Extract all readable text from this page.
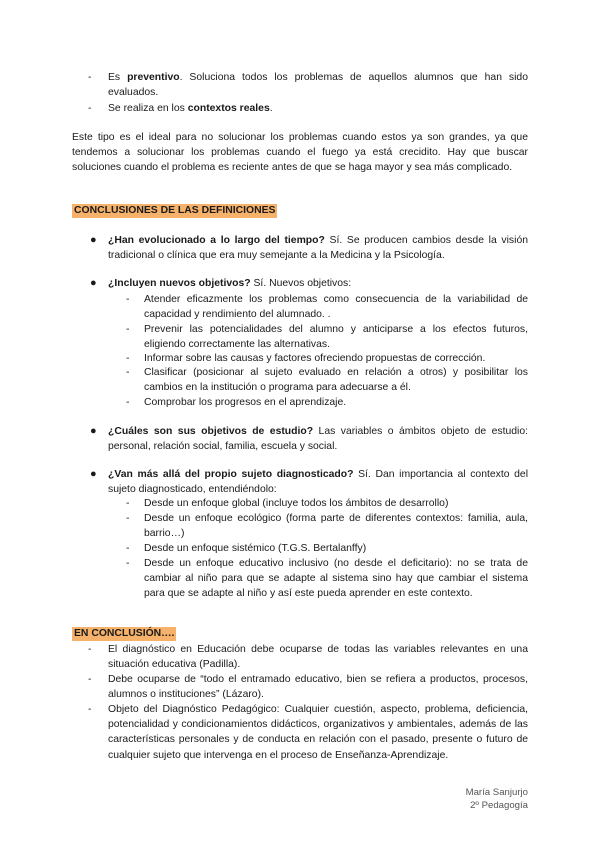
- Es preventivo. Soluciona todos los problemas de aquellos alumnos que han sido evaluados.
- Se realiza en los contextos reales.
Este tipo es el ideal para no solucionar los problemas cuando estos ya son grandes, ya que tendemos a solucionar los problemas cuando el fuego ya está crecidito. Hay que buscar soluciones cuando el problema es reciente antes de que se haga mayor y sea más complicado.
CONCLUSIONES DE LAS DEFINICIONES
● ¿Han evolucionado a lo largo del tiempo? Sí. Se producen cambios desde la visión tradicional o clínica que era muy semejante a la Medicina y la Psicología.
● ¿Incluyen nuevos objetivos? Sí. Nuevos objetivos:
- Atender eficazmente los problemas como consecuencia de la variabilidad de capacidad y rendimiento del alumnado. .
- Prevenir las potencialidades del alumno y anticiparse a los efectos futuros, eligiendo correctamente las alternativas.
- Informar sobre las causas y factores ofreciendo propuestas de corrección.
- Clasificar (posicionar al sujeto evaluado en relación a otros) y posibilitar los cambios en la institución o programa para adecuarse a él.
- Comprobar los progresos en el aprendizaje.
● ¿Cuáles son sus objetivos de estudio? Las variables o ámbitos objeto de estudio: personal, relación social, familia, escuela y social.
● ¿Van más allá del propio sujeto diagnosticado? Sí. Dan importancia al contexto del sujeto diagnosticado, entendiéndolo:
- Desde un enfoque global (incluye todos los ámbitos de desarrollo)
- Desde un enfoque ecológico (forma parte de diferentes contextos: familia, aula, barrio…)
- Desde un enfoque sistémico (T.G.S. Bertalanffy)
- Desde un enfoque educativo inclusivo (no desde el deficitario): no se trata de cambiar al niño para que se adapte al sistema sino hay que cambiar el sistema para que se adapte al niño y así este pueda aprender en este contexto.
EN CONCLUSIÓN….
- El diagnóstico en Educación debe ocuparse de todas las variables relevantes en una situación educativa (Padilla).
- Debe ocuparse de “todo el entramado educativo, bien se refiera a productos, procesos, alumnos o instituciones” (Lázaro).
- Objeto del Diagnóstico Pedagógico: Cualquier cuestión, aspecto, problema, deficiencia, potencialidad y condicionamientos didácticos, organizativos y ambientales, además de las características personales y de conducta en relación con el pasado, presente o futuro de cualquier sujeto que intervenga en el proceso de Enseñanza-Aprendizaje.
María Sanjurjo
2º Pedagogía
